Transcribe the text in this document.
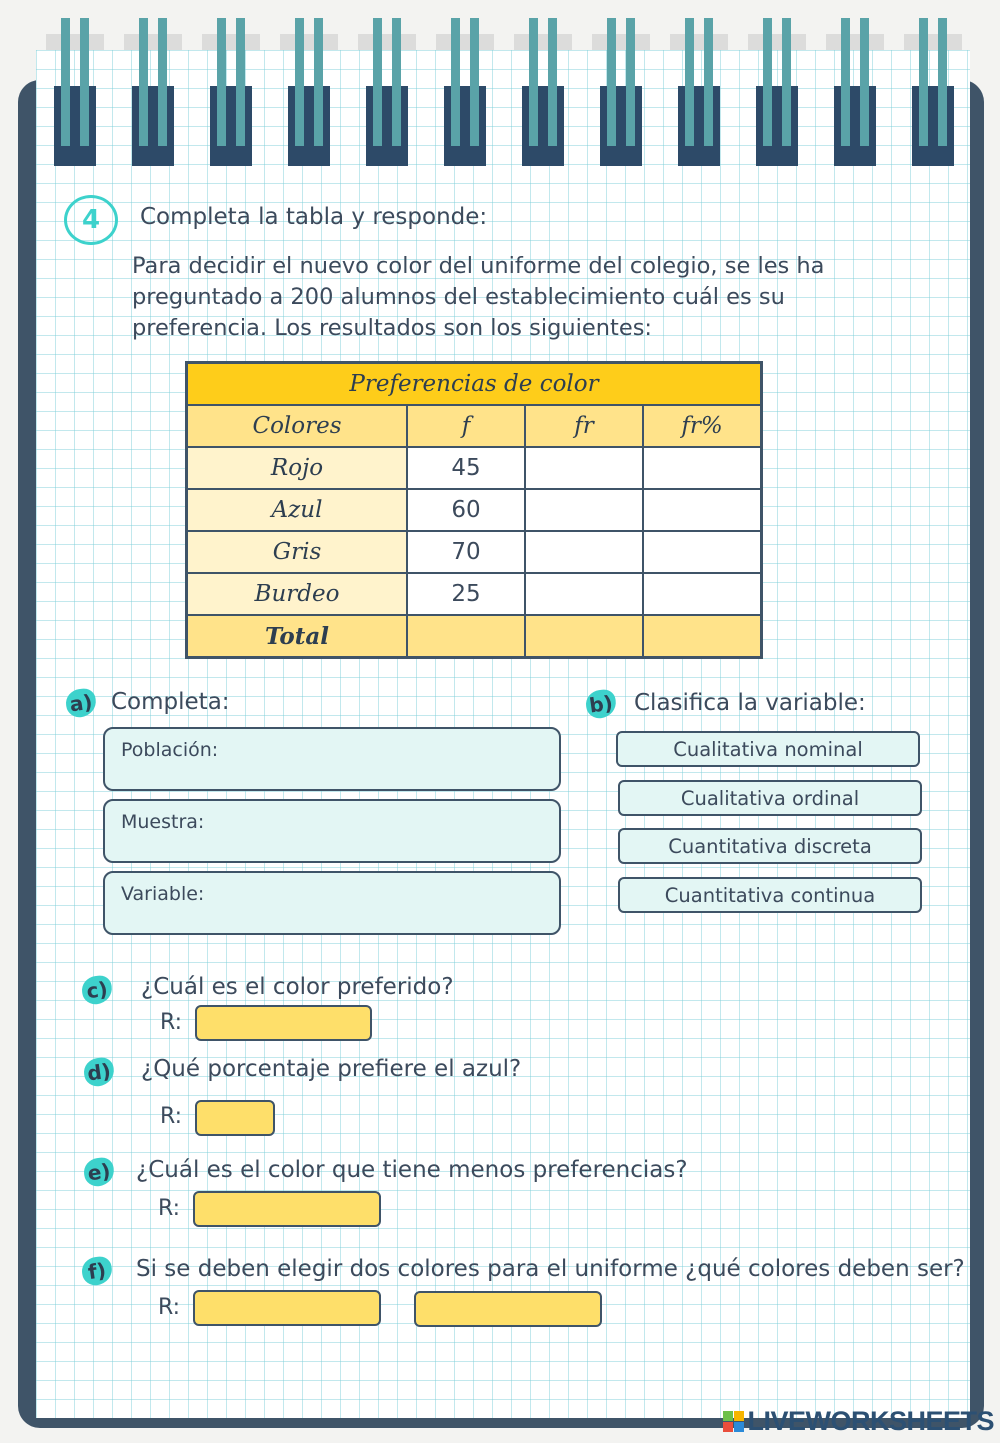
4	Completa la tabla y responde:
Para decidir el nuevo color del uniforme del colegio, se les ha
preguntado a 200 alumnos del establecimiento cuál es su
preferencia. Los resultados son los siguientes:
Preferencias de color			
Colores	f	fr	fr%
Rojo	45		
Azul	60		
Gris	70		
Burdeo	25		
Total			
a) Completa:
Población:
Muestra:
Variable:
b) Clasifica la variable:
Cualitativa nominal
Cualitativa ordinal
Cuantitativa discreta
Cuantitativa continua
c) ¿Cuál es el color preferido?
R:
d) ¿Qué porcentaje prefiere el azul?
R:
e) ¿Cuál es el color que tiene menos preferencias?
R:
f) Si se deben elegir dos colores para el uniforme ¿qué colores deben ser?
R:
LIVEWORKSHEETS
